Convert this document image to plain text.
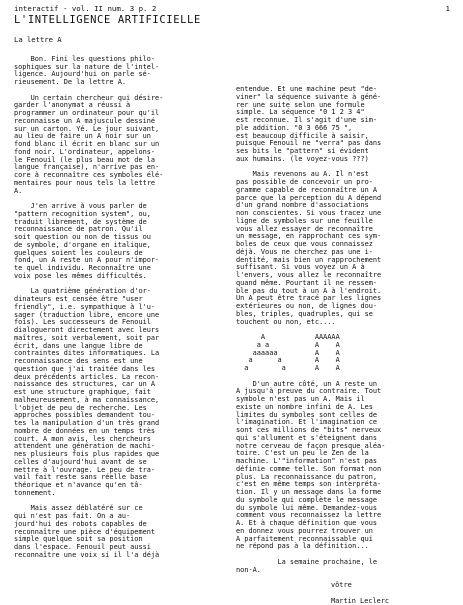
interactif - vol. II num. 3 p. 2	1
L'INTELLIGENCE ARTIFICIELLE

La lettre A

Bon. Fini les questions philo-
sophiques sur la nature de l'intel-
ligence. Aujourd'hui on parle sé-
rieusement. De la lettre A.

Un certain chercheur qui désire-
garder l'anonymat a réussi à
programmer un ordinateur pour qu'il
reconnaisse un A majuscule dessiné
sur un carton. Yé. Le jour suivant,
au lieu de faire un A noir sur un
fond blanc il écrit en blanc sur un
fond noir. L'ordinateur, appelons-
le Fenouil (le plus beau mot de la
langue française), n'arrive pas en-
core à reconnaître ces symboles élé-
mentaires pour nous tels la lettre
A.

J'en arrive à vous parler de
"pattern recognition system", ou,
traduit librement, de système de
reconnaissance de patron. Qu'il
soit question ou non de tissus ou
de symbole, d'organe en italique,
quelques soient les couleurs de
fond, un A reste un A pour n'impor-
te quel individu. Reconnaître une
voix pose les mêmes difficultés.

La quatrième génération d'or-
dinateurs est censée être "user
friendly", i.e. sympathique à l'u-
sager (traduction libre, encore une
fois). Les successeurs de Fenouil
dialogueront directement avec leurs
maîtres, soit verbalement, soit par
écrit, dans une langue libre de
contraintes dites informatiques. La
reconnaissance des sens est une
question que j'ai traitée dans les
deux précédents articles. La recon-
naissance des structures, car un A
est une structure graphique, fait
malheureusement, à ma connaissance,
l'objet de peu de recherche. Les
approches possibles demandent tou-
tes la manipulation d'un très grand
nombre de données en un temps très
court. A mon avis, les chercheurs
attendent une génération de machi-
nes plusieurs fois plus rapides que
celles d'aujourd'hui avant de se
mettre à l'ouvrage. Le peu de tra-
vail fait reste sans réelle base
théorique et n'avance qu'en tâ-
tonnement.

Mais assez déblatéré sur ce
qui n'est pas fait. On a au-
jourd'hui des robots capables de
reconnaître une pièce d'équipement
simple quelque soit sa position
dans l'espace. Fenouil peut aussi
reconnaître une voix si il l'a déjà

entendue. Et une machine peut "de-
viner" la séquence suivante à géné-
rer une suite selon une formule
simple. La séquence "0 1 2 3 4"
est reconnue. Il s'agit d'une sim-
ple addition. "0 3 666 75 ",
est beaucoup difficile à saisir,
puisque Fenouil ne "verra" pas dans
ses bits le "pattern" si évident
aux humains. (le voyez-vous ???)

Mais revenons au A. Il n'est
pas possible de concevoir un pro-
gramme capable de reconnaître un A
parce que la perception du A dépend
d'un grand nombre d'associations
non conscientes. Si vous tracez une
ligne de symboles sur une feuille
vous allez essayer de reconnaître
un message, en rapprochant ces sym-
boles de ceux que vous connaissez
déjà. Vous ne cherchez pas une i-
dentité, mais bien un rapprochement
suffisant. Si vous voyez un A à
l'envers, vous allez le reconnaître
quand même. Pourtant il ne ressem-
ble pas du tout à un A à l'endroit.
Un A peut être tracé par les lignes
extérieures ou non, de lignes dou-
bles, triples, quadruples, qui se
touchent ou non, etc....

A            AAAAAA
a a           A    A
aaaaaa         A    A
a      a        A    A
a        a       A    A

D'un autre côté, un A reste un
A jusqu'à preuve du contraire. Tout
symbole n'est pas un A. Mais il
existe un nombre infini de A. Les
limites du symboles sont celles de
l'imagination. Et l'imagination ce
sont ces millions de "bits" nerveux
qui s'allument et s'éteignent dans
notre cerveau de façon presque aléa-
toire. C'est un peu le Zen de la
machine. L'"information" n'est pas
définie comme telle. Son format non
plus. La reconnaissance du patron,
c'est en même temps son interpréta-
tion. Il y un message dans la forme
du symbole qui complète le message
du symbole lui même. Demandez-vous
comment vous reconnaissez la lettre
A. Et à chaque définition que vous
en donnez vous pourrez trouver un
A parfaitement reconnaissable qui
ne répond pas à la définition...

La semaine prochaine, le
non-A.

vôtre
Martin Leclerc
